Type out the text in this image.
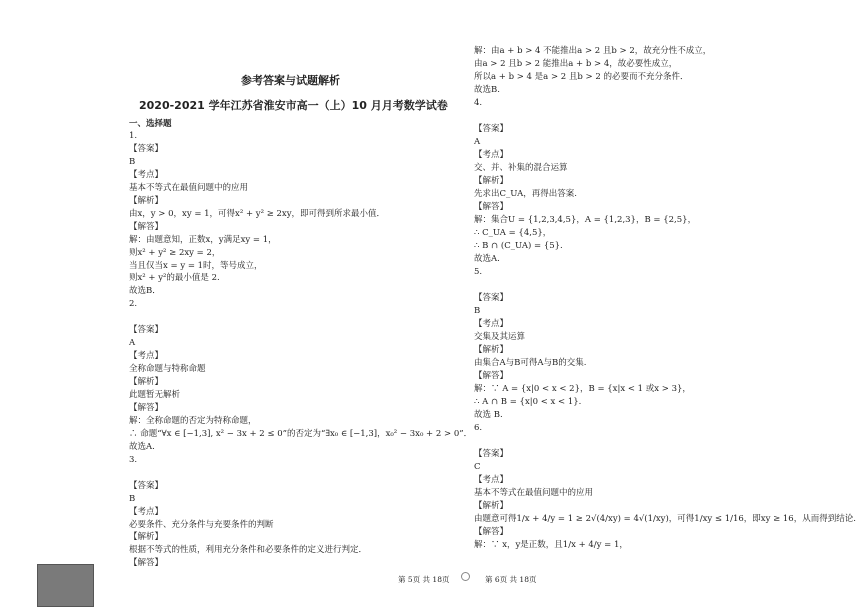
参考答案与试题解析
2020-2021 学年江苏省淮安市高一（上）10 月月考数学试卷
一、选择题
1.
【答案】
B
【考点】
基本不等式在最值问题中的应用
【解析】
由x，y > 0，xy = 1，可得x² + y² ≥ 2xy，即可得到所求最小值．
【解答】
解：由题意知，正数x，y满足xy = 1，
则x² + y² ≥ 2xy = 2，
当且仅当x = y = 1时，等号成立，
则x² + y²的最小值是 2.
故选B．
2.
【答案】
A
【考点】
全称命题与特称命题
【解析】
此题暂无解析
【解答】
解：全称命题的否定为特称命题，
∴ 命题“∀x ∈ [−1,3], x² − 3x + 2 ≤ 0”的否定为“∃x₀ ∈ [−1,3]，x₀² − 3x₀ + 2 > 0”．
故选A.
3.
【答案】
B
【考点】
必要条件、充分条件与充要条件的判断
【解析】
根据不等式的性质，利用充分条件和必要条件的定义进行判定．
【解答】
解：由a + b > 4 不能推出a > 2 且b > 2，故充分性不成立，
由a > 2 且b > 2 能推出a + b > 4，故必要性成立，
所以a + b > 4 是a > 2 且b > 2 的必要而不充分条件．
故选B.
4.
【答案】
A
【考点】
交、并、补集的混合运算
【解析】
先求出C_UA，再得出答案.
【解答】
解：集合U = {1,2,3,4,5}，A = {1,2,3}，B = {2,5}，
∴ C_UA = {4,5}，
∴ B ∩ (C_UA) = {5}.
故选A.
5.
【答案】
B
【考点】
交集及其运算
【解析】
由集合A与B可得A与B的交集.
【解答】
解：∵ A = {x|0 < x < 2}，B = {x|x < 1 或x > 3}，
∴ A ∩ B = {x|0 < x < 1}.
故选 B.
6.
【答案】
C
【考点】
基本不等式在最值问题中的应用
【解析】
由题意可得1/x + 4/y = 1 ≥ 2√(4/xy) = 4√(1/xy)，可得1/xy ≤ 1/16，即xy ≥ 16，从而得到结论.
【解答】
解：∵ x，y是正数，且1/x + 4/y = 1，
第 5页 共 18页	第 6页 共 18页
